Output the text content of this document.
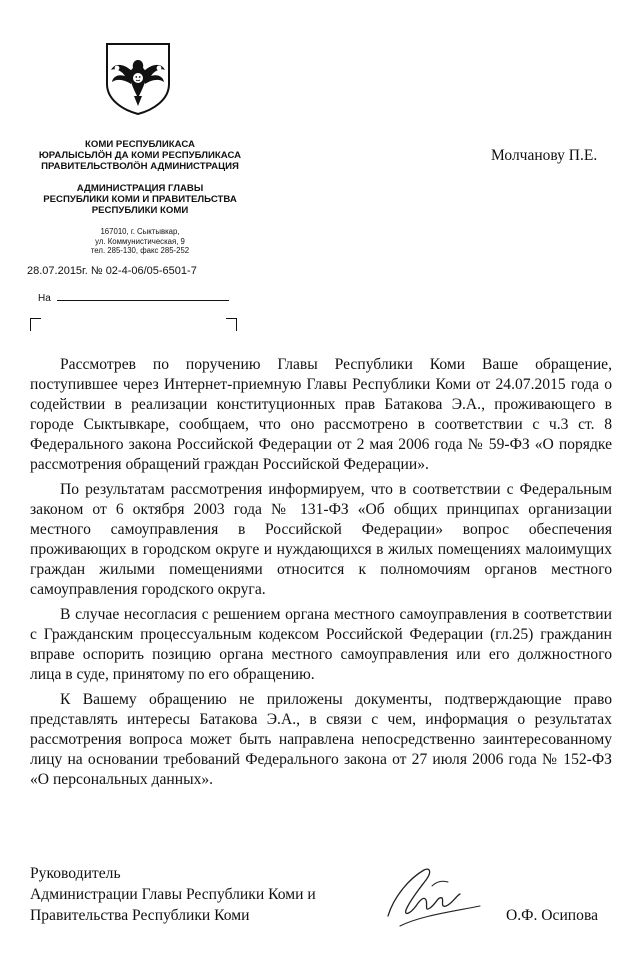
КОМИ РЕСПУБЛИКАСА
ЮРАЛЫСЬЛӦН ДА КОМИ РЕСПУБЛИКАСА
ПРАВИТЕЛЬСТВОЛӦН АДМИНИСТРАЦИЯ
АДМИНИСТРАЦИЯ ГЛАВЫ
РЕСПУБЛИКИ КОМИ И ПРАВИТЕЛЬСТВА
РЕСПУБЛИКИ КОМИ
167010, г. Сыктывкар,
ул. Коммунистическая, 9
тел. 285-130, факс 285-252
28.07.2015г. № 02-4-06/05-6501-7
На
Молчанову П.Е.

Рассмотрев по поручению Главы Республики Коми Ваше обращение, поступившее через Интернет-приемную Главы Республики Коми от 24.07.2015 года о содействии в реализации конституционных прав Батакова Э.А., проживающего в городе Сыктывкаре, сообщаем, что оно рассмотрено в соответствии с ч.3 ст. 8 Федерального закона Российской Федерации от 2 мая 2006 года № 59-ФЗ «О порядке рассмотрения обращений граждан Российской Федерации».

По результатам рассмотрения информируем, что в соответствии с Федеральным законом от 6 октября 2003 года № 131-ФЗ «Об общих принципах организации местного самоуправления в Российской Федерации» вопрос обеспечения проживающих в городском округе и нуждающихся в жилых помещениях малоимущих граждан жилыми помещениями относится к полномочиям органов местного самоуправления городского округа.

В случае несогласия с решением органа местного самоуправления в соответствии с Гражданским процессуальным кодексом Российской Федерации (гл.25) гражданин вправе оспорить позицию органа местного самоуправления или его должностного лица в суде, принятому по его обращению.

К Вашему обращению не приложены документы, подтверждающие право представлять интересы Батакова Э.А., в связи с чем, информация о результатах рассмотрения вопроса может быть направлена непосредственно заинтересованному лицу на основании требований Федерального закона от 27 июля 2006 года № 152-ФЗ «О персональных данных».

Руководитель
Администрации Главы Республики Коми и
Правительства Республики Коми	О.Ф. Осипова
